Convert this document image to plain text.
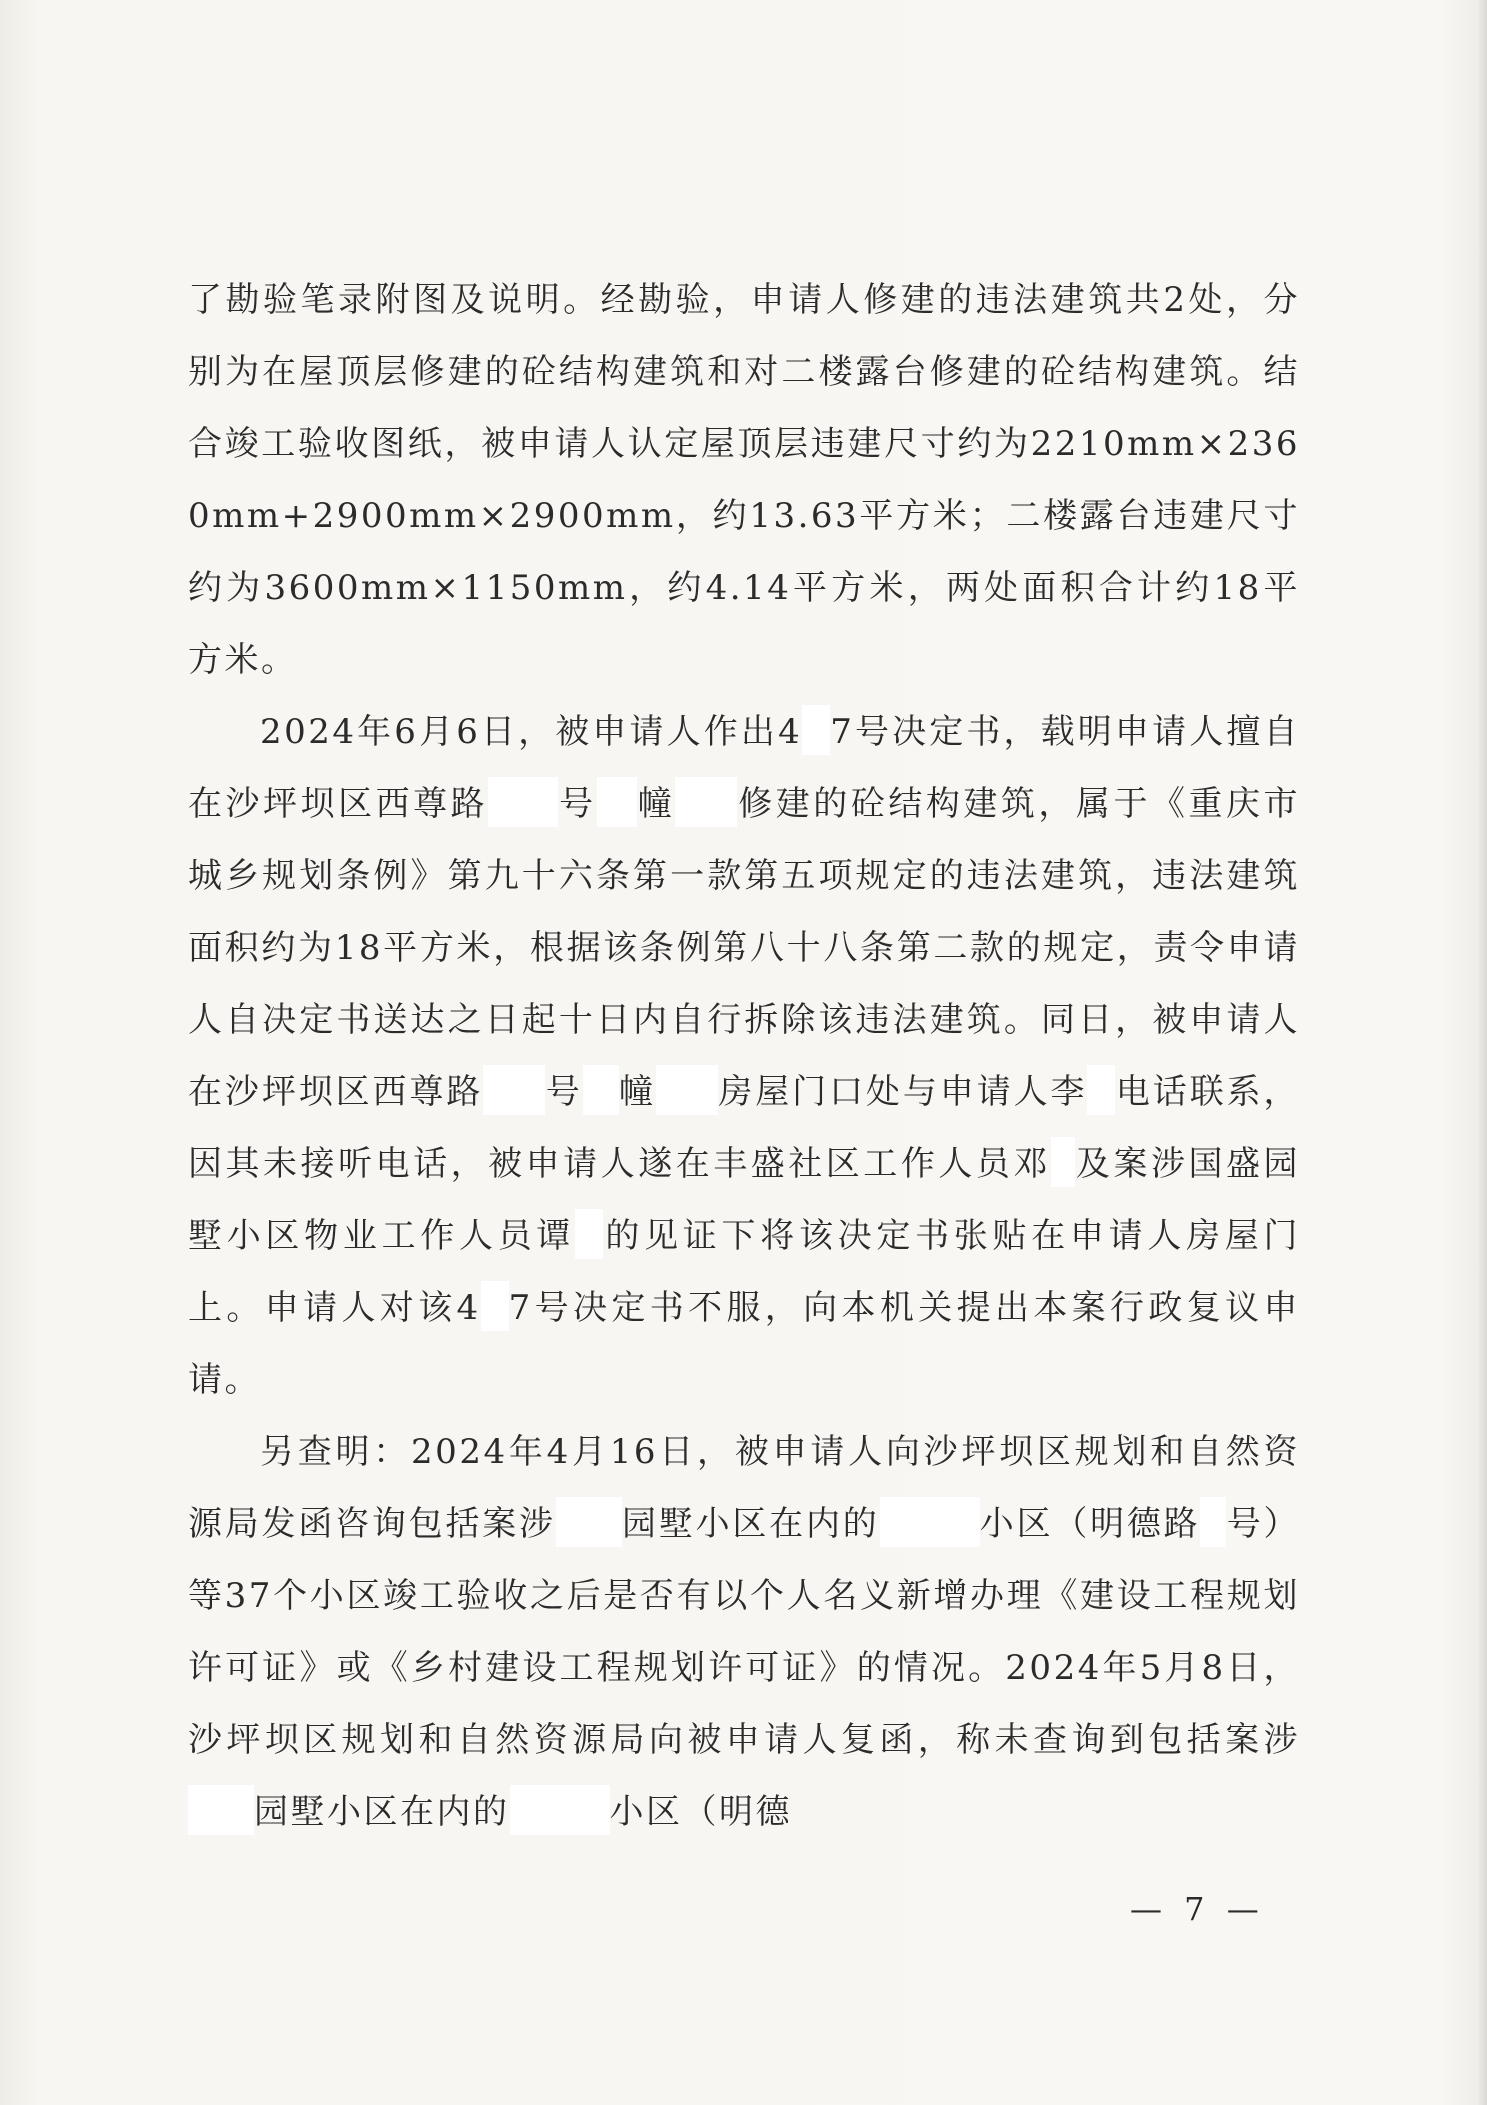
了勘验笔录附图及说明。经勘验，申请人修建的违法建筑共2处，分别为在屋顶层修建的砼结构建筑和对二楼露台修建的砼结构建筑。结合竣工验收图纸，被申请人认定屋顶层违建尺寸约为2210mm×2360mm+2900mm×2900mm，约13.63平方米；二楼露台违建尺寸约为3600mm×1150mm，约4.14平方米，两处面积合计约18平方米。

2024年6月6日，被申请人作出4 7号决定书，载明申请人擅自在沙坪坝区西尊路 号 幢 修建的砼结构建筑，属于《重庆市城乡规划条例》第九十六条第一款第五项规定的违法建筑，违法建筑面积约为18平方米，根据该条例第八十八条第二款的规定，责令申请人自决定书送达之日起十日内自行拆除该违法建筑。同日，被申请人在沙坪坝区西尊路 号 幢 房屋门口处与申请人李 电话联系，因其未接听电话，被申请人遂在丰盛社区工作人员邓 及案涉国盛园墅小区物业工作人员谭 的见证下将该决定书张贴在申请人房屋门上。申请人对该4 7号决定书不服，向本机关提出本案行政复议申请。

另查明：2024年4月16日，被申请人向沙坪坝区规划和自然资源局发函咨询包括案涉 园墅小区在内的	小区（明德路 号）等37个小区竣工验收之后是否有以个人名义新增办理《建设工程规划许可证》或《乡村建设工程规划许可证》的情况。2024年5月8日，沙坪坝区规划和自然资源局向被申请人复函，称未查询到包括案涉园墅小区在内的	小区（明德

— 7 —
